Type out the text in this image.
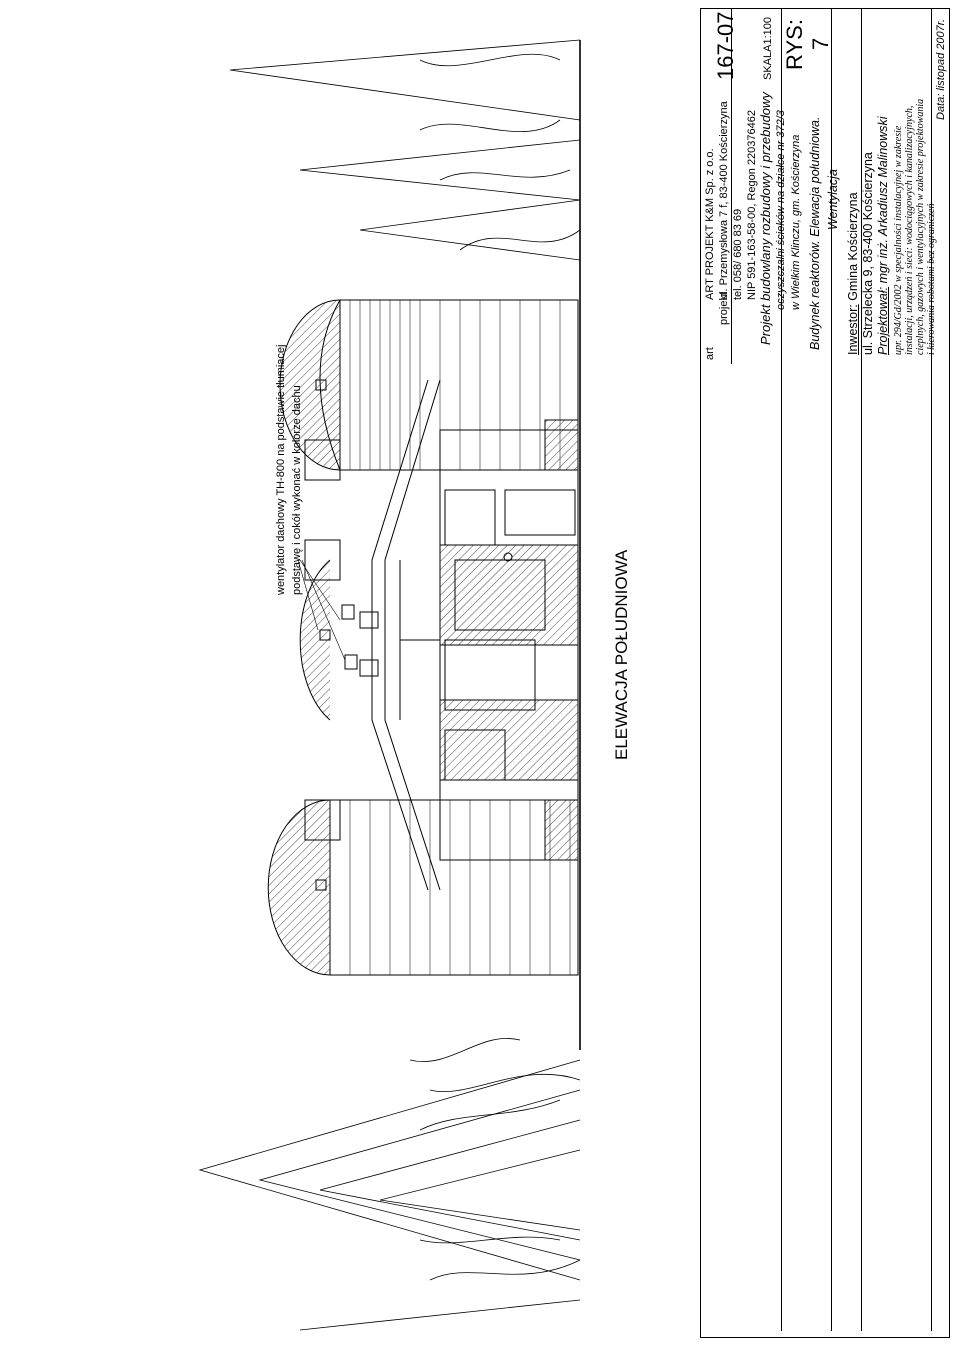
ELEWACJA POŁUDNIOWA
wentylator dachowy TH-800 na podstawie tłumiacej podstawę i cokół wykonać w kolorze dachu
art
projekt
ART PROJEKT K&M Sp. z o.o. ul. Przemysłowa 7 f, 83-400 Kościerzyna tel. 058/ 680 83 69 NIP 591-163-58-00, Regon 220376462
167-07
Projekt budowlany rozbudowy i przebudowy oczyszczalni ścieków na działce nr 372/3 w Wielkim Klinczu, gm. Kościerzyna
SKALA1:100 RYS: 7
Budynek reaktorów. Elewacja południowa. Wentylacja
Inwestor: Gmina Kościerzyna ul. Strzelecka 9, 83-400 Kościerzyna Projektował: mgr inż. Arkadiusz Malinowski upr. 294/Gd/2002 w specjalności instalacyjnej w zakresie instalacji, urządzeń i sieci: wodociągowych i kanalizacyjnych, cieplnych, gazowych i wentylacyjnych w zakresie projektowania i kierowania robotami bez ograniczeń
Data: listopad 2007r.
